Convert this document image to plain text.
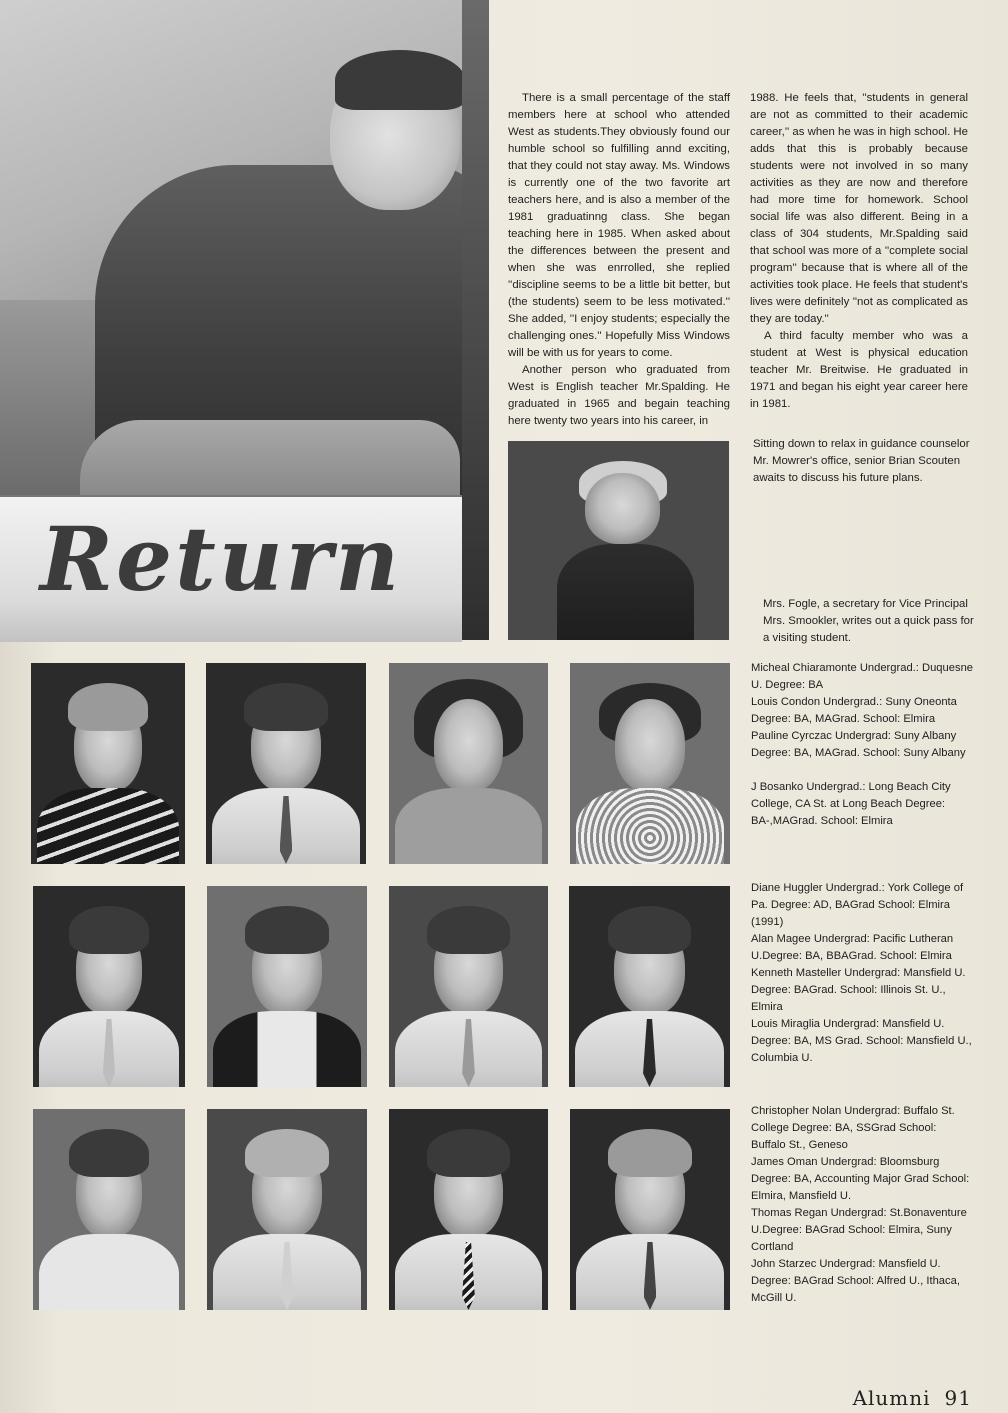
Return

There is a small percentage of the staff members here at school who attended West as students.They obviously found our humble school so fulfilling annd exciting, that they could not stay away. Ms. Windows is currently one of the two favorite art teachers here, and is also a member of the 1981 graduatinng class. She began teaching here in 1985. When asked about the differences between the present and when she was enrrolled, she replied ''discipline seems to be a little bit better, but (the students) seem to be less motivated.'' She added, ''I enjoy students; especially the challenging ones.'' Hopefully Miss Windows will be with us for years to come.

Another person who graduated from West is English teacher Mr.Spalding. He graduated in 1965 and begain teaching here twenty two years into his career, in

1988. He feels that, ''students in general are not as committed to their academic career,'' as when he was in high school. He adds that this is probably because students were not involved in so many activities as they are now and therefore had more time for homework. School social life was also different. Being in a class of 304 students, Mr.Spalding said that school was more of a ''complete social program'' because that is where all of the activities took place. He feels that student's lives were definitely ''not as complicated as they are today.''

A third faculty member who was a student at West is physical education teacher Mr. Breitwise. He graduated in 1971 and began his eight year career here in 1981.

Sitting down to relax in guidance counselor Mr. Mowrer's office, senior Brian Scouten awaits to discuss his future plans.
Mrs. Fogle, a secretary for Vice Principal Mrs. Smookler, writes out a quick pass for a visiting student.

Micheal Chiaramonte Undergrad.: Duquesne U. Degree: BA

Louis Condon Undergrad.: Suny Oneonta Degree: BA, MAGrad. School: Elmira

Pauline Cyrczac Undergrad: Suny Albany Degree: BA, MAGrad. School: Suny Albany

J Bosanko Undergrad.: Long Beach City College, CA St. at Long Beach Degree: BA-,MAGrad. School: Elmira

Diane Huggler Undergrad.: York College of Pa. Degree: AD, BAGrad School: Elmira (1991)

Alan Magee Undergrad: Pacific Lutheran U.Degree: BA, BBAGrad. School: Elmira

Kenneth Masteller Undergrad: Mansfield U. Degree: BAGrad. School: Illinois St. U., Elmira

Louis Miraglia Undergrad: Mansfield U. Degree: BA, MS Grad. School: Mansfield U., Columbia U.

Christopher Nolan Undergrad: Buffalo St. College Degree: BA, SSGrad School: Buffalo St., Geneso

James Oman Undergrad: Bloomsburg Degree: BA, Accounting Major Grad School: Elmira, Mansfield U.

Thomas Regan Undergrad: St.Bonaventure U.Degree: BAGrad School: Elmira, Suny Cortland

John Starzec Undergrad: Mansfield U. Degree: BAGrad School: Alfred U., Ithaca, McGill U.

Alumni 91
